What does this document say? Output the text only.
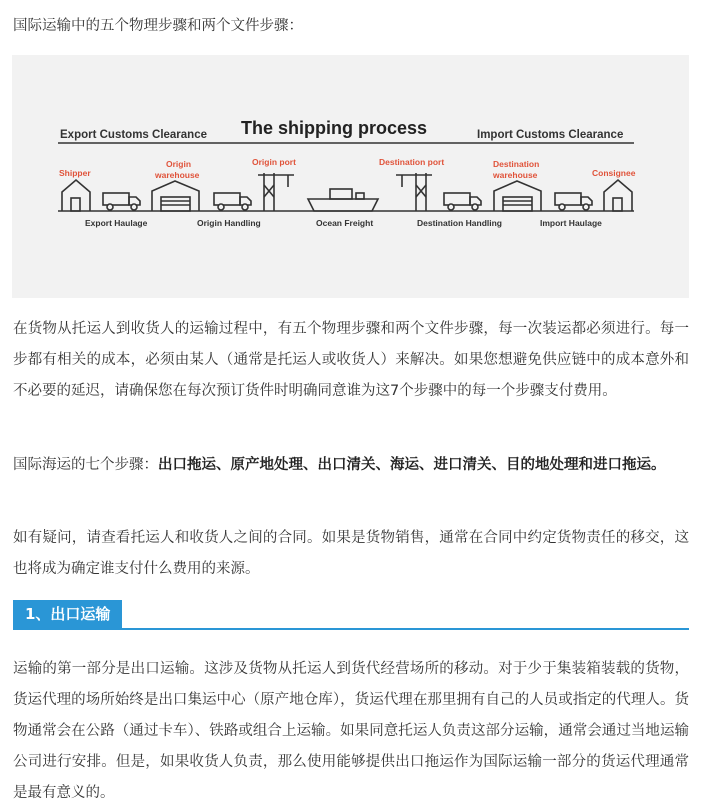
国际运输中的五个物理步骤和两个文件步骤：

Export Customs Clearance The shipping process	Import Customs Clearance
Shipper
Origin
warehouse
Origin port	Destination port	Destination
warehouse	Consignee
Export Haulage	Origin Handling	Ocean Freight	Destination Handling	Import Haulage

在货物从托运人到收货人的运输过程中，有五个物理步骤和两个文件步骤，每一次装运都必须进行。每一步都有相关的成本，必须由某人（通常是托运人或收货人）来解决。如果您想避免供应链中的成本意外和不必要的延迟，请确保您在每次预订货件时明确同意谁为这7个步骤中的每一个步骤支付费用。

国际海运的七个步骤：出口拖运、原产地处理、出口清关、海运、进口清关、目的地处理和进口拖运。

如有疑问，请查看托运人和收货人之间的合同。如果是货物销售，通常在合同中约定货物责任的移交，这也将成为确定谁支付什么费用的来源。

1、出口运输

运输的第一部分是出口运输。这涉及货物从托运人到货代经营场所的移动。对于少于集装箱装载的货物，货运代理的场所始终是出口集运中心（原产地仓库），货运代理在那里拥有自己的人员或指定的代理人。货物通常会在公路（通过卡车）、铁路或组合上运输。如果同意托运人负责这部分运输，通常会通过当地运输公司进行安排。但是，如果收货人负责，那么使用能够提供出口拖运作为国际运输一部分的货运代理通常是最有意义的。
